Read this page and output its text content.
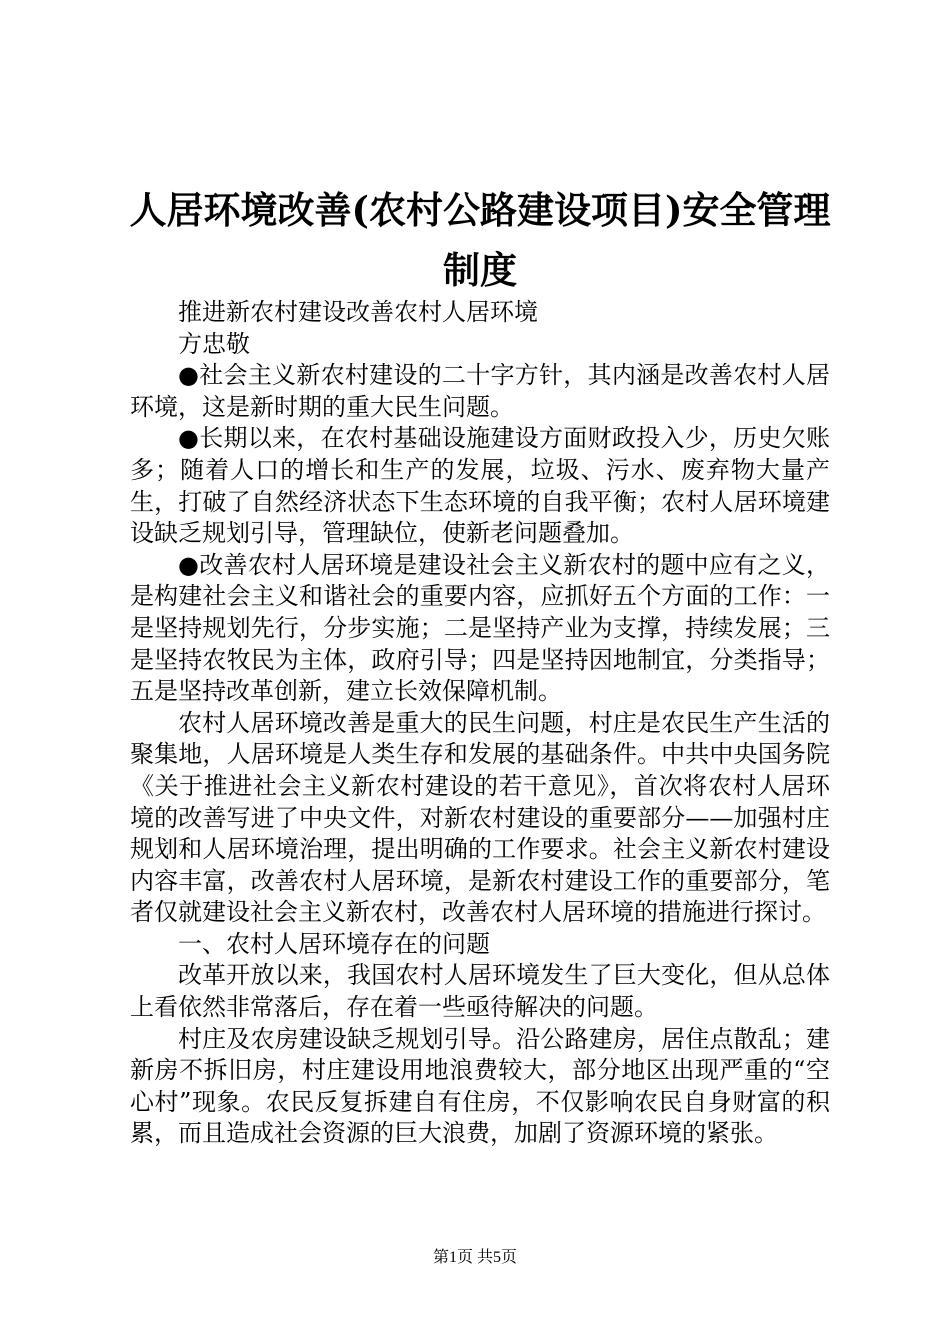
人居环境改善(农村公路建设项目)安全管理制度

推进新农村建设改善农村人居环境

方忠敬

●社会主义新农村建设的二十字方针，其内涵是改善农村人居环境，这是新时期的重大民生问题。

●长期以来，在农村基础设施建设方面财政投入少，历史欠账多；随着人口的增长和生产的发展，垃圾、污水、废弃物大量产生，打破了自然经济状态下生态环境的自我平衡；农村人居环境建设缺乏规划引导，管理缺位，使新老问题叠加。

●改善农村人居环境是建设社会主义新农村的题中应有之义，是构建社会主义和谐社会的重要内容，应抓好五个方面的工作：一是坚持规划先行，分步实施；二是坚持产业为支撑，持续发展；三是坚持农牧民为主体，政府引导；四是坚持因地制宜，分类指导；五是坚持改革创新，建立长效保障机制。

农村人居环境改善是重大的民生问题，村庄是农民生产生活的聚集地，人居环境是人类生存和发展的基础条件。中共中央国务院《关于推进社会主义新农村建设的若干意见》，首次将农村人居环境的改善写进了中央文件，对新农村建设的重要部分——加强村庄规划和人居环境治理，提出明确的工作要求。社会主义新农村建设内容丰富，改善农村人居环境，是新农村建设工作的重要部分，笔者仅就建设社会主义新农村，改善农村人居环境的措施进行探讨。

一、农村人居环境存在的问题

改革开放以来，我国农村人居环境发生了巨大变化，但从总体上看依然非常落后，存在着一些亟待解决的问题。

村庄及农房建设缺乏规划引导。沿公路建房，居住点散乱；建新房不拆旧房，村庄建设用地浪费较大，部分地区出现严重的“空心村”现象。农民反复拆建自有住房，不仅影响农民自身财富的积累，而且造成社会资源的巨大浪费，加剧了资源环境的紧张。

第1页 共5页
